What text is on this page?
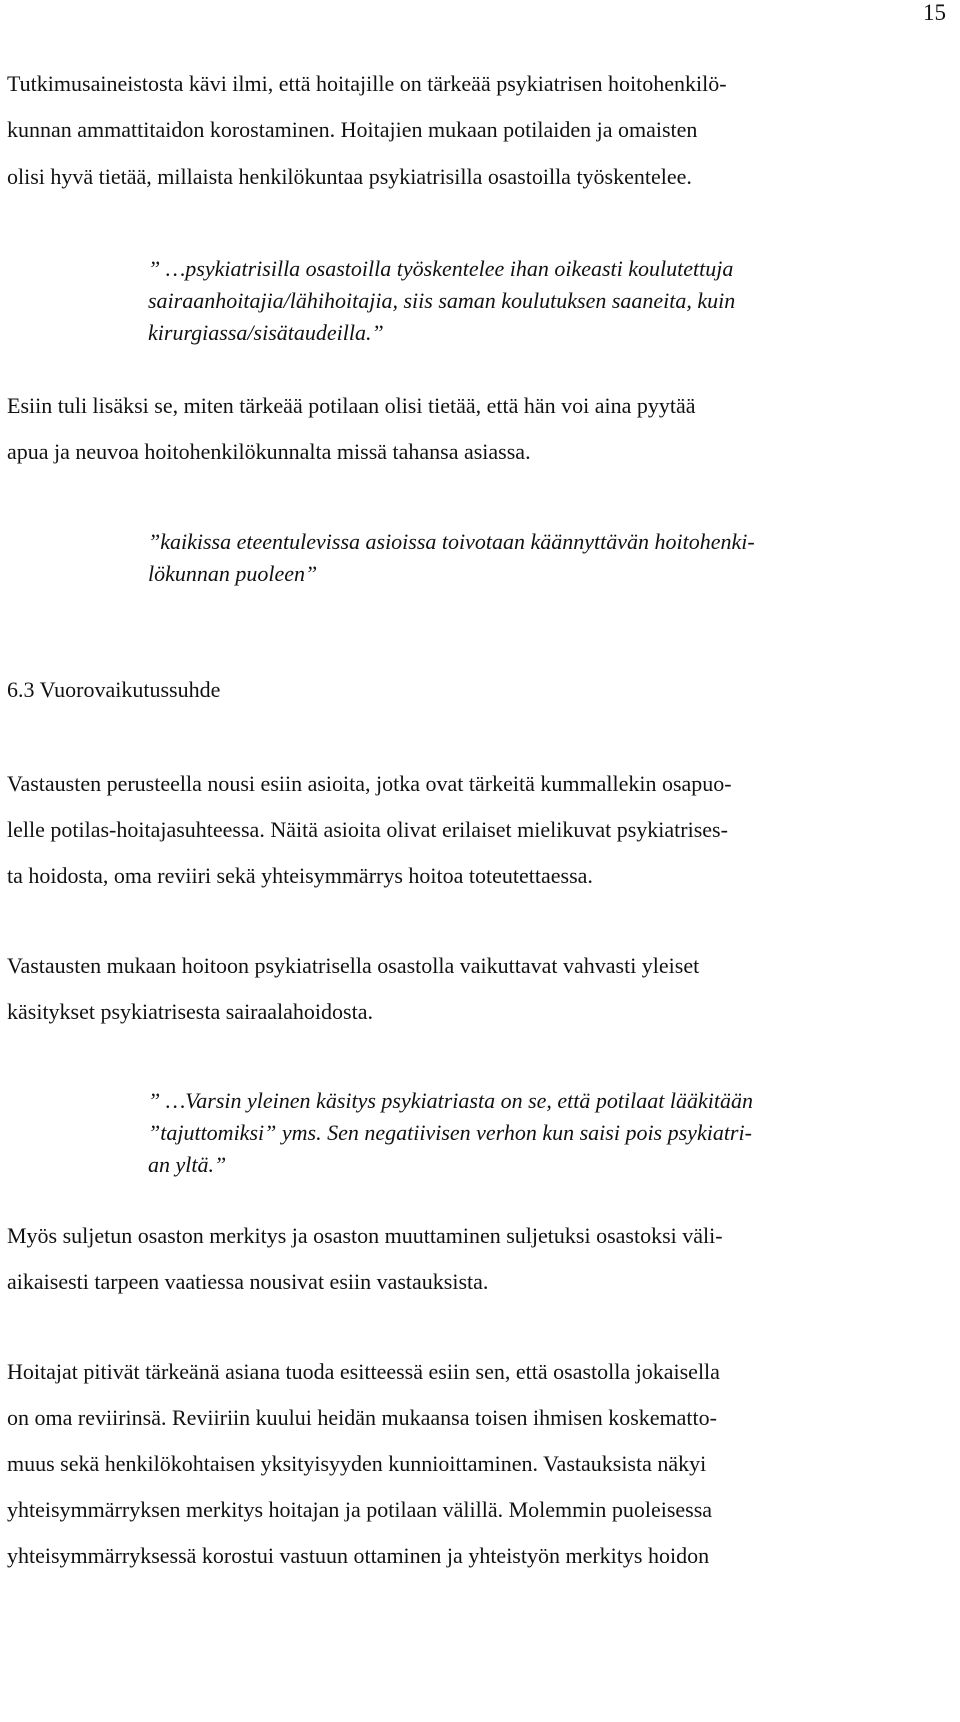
15
Tutkimusaineistosta kävi ilmi, että hoitajille on tärkeää psykiatrisen hoitohenkilö-
kunnan ammattitaidon korostaminen. Hoitajien mukaan potilaiden ja omaisten
olisi hyvä tietää, millaista henkilökuntaa psykiatrisilla osastoilla työskentelee.
” …psykiatrisilla osastoilla työskentelee ihan oikeasti koulutettuja
sairaanhoitajia/lähihoitajia, siis saman koulutuksen saaneita, kuin
kirurgiassa/sisätaudeilla.”
Esiin tuli lisäksi se, miten tärkeää potilaan olisi tietää, että hän voi aina pyytää
apua ja neuvoa hoitohenkilökunnalta missä tahansa asiassa.
”kaikissa eteentulevissa asioissa toivotaan käännyttävän hoitohenki-
lökunnan puoleen”
6.3 Vuorovaikutussuhde
Vastausten perusteella nousi esiin asioita, jotka ovat tärkeitä kummallekin osapuo-
lelle potilas-hoitajasuhteessa. Näitä asioita olivat erilaiset mielikuvat psykiatrises-
ta hoidosta, oma reviiri sekä yhteisymmärrys hoitoa toteutettaessa.
Vastausten mukaan hoitoon psykiatrisella osastolla vaikuttavat vahvasti yleiset
käsitykset psykiatrisesta sairaalahoidosta.
” …Varsin yleinen käsitys psykiatriasta on se, että potilaat lääkitään
”tajuttomiksi” yms. Sen negatiivisen verhon kun saisi pois psykiatri-
an yltä.”
Myös suljetun osaston merkitys ja osaston muuttaminen suljetuksi osastoksi väli-
aikaisesti tarpeen vaatiessa nousivat esiin vastauksista.
Hoitajat pitivät tärkeänä asiana tuoda esitteessä esiin sen, että osastolla jokaisella
on oma reviirinsä. Reviiriin kuului heidän mukaansa toisen ihmisen koskematto-
muus sekä henkilökohtaisen yksityisyyden kunnioittaminen. Vastauksista näkyi
yhteisymmärryksen merkitys hoitajan ja potilaan välillä. Molemmin puoleisessa
yhteisymmärryksessä korostui vastuun ottaminen ja yhteistyön merkitys hoidon
